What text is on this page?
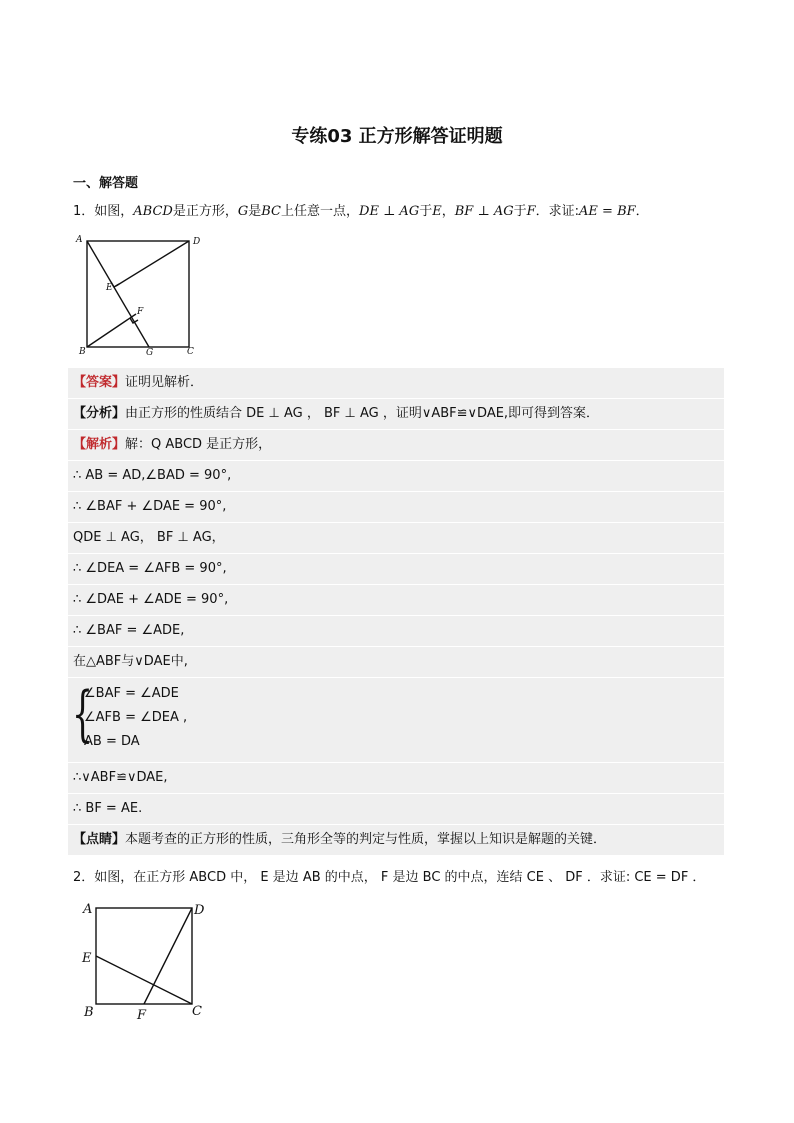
专练03 正方形解答证明题
一、解答题
1．如图，ABCD是正方形，G是BC上任意一点，DE ⊥ AG于E，BF ⊥ AG于F．求证:AE = BF．
A	D
E
F
B	G	C
【答案】证明见解析．
【分析】由正方形的性质结合 DE ⊥ AG ， BF ⊥ AG ，证明∨ABF≌∨DAE,即可得到答案．
【解析】解：Q ABCD 是正方形，
∴ AB = AD,∠BAD = 90°,
∴ ∠BAF + ∠DAE = 90°,
QDE ⊥ AG， BF ⊥ AG，
∴ ∠DEA = ∠AFB = 90°,
∴ ∠DAE + ∠ADE = 90°,
∴ ∠BAF = ∠ADE,
在△ABF与∨DAE中,
{
∠BAF = ∠ADE
∠AFB = ∠DEA ,
AB = DA
∴∨ABF≌∨DAE,
∴ BF = AE.
【点睛】本题考查的正方形的性质，三角形全等的判定与性质，掌握以上知识是解题的关键．
2．如图，在正方形 ABCD 中， E 是边 AB 的中点， F 是边 BC 的中点，连结 CE 、 DF ．求证: CE = DF ．
A	D
E
B	F	C
